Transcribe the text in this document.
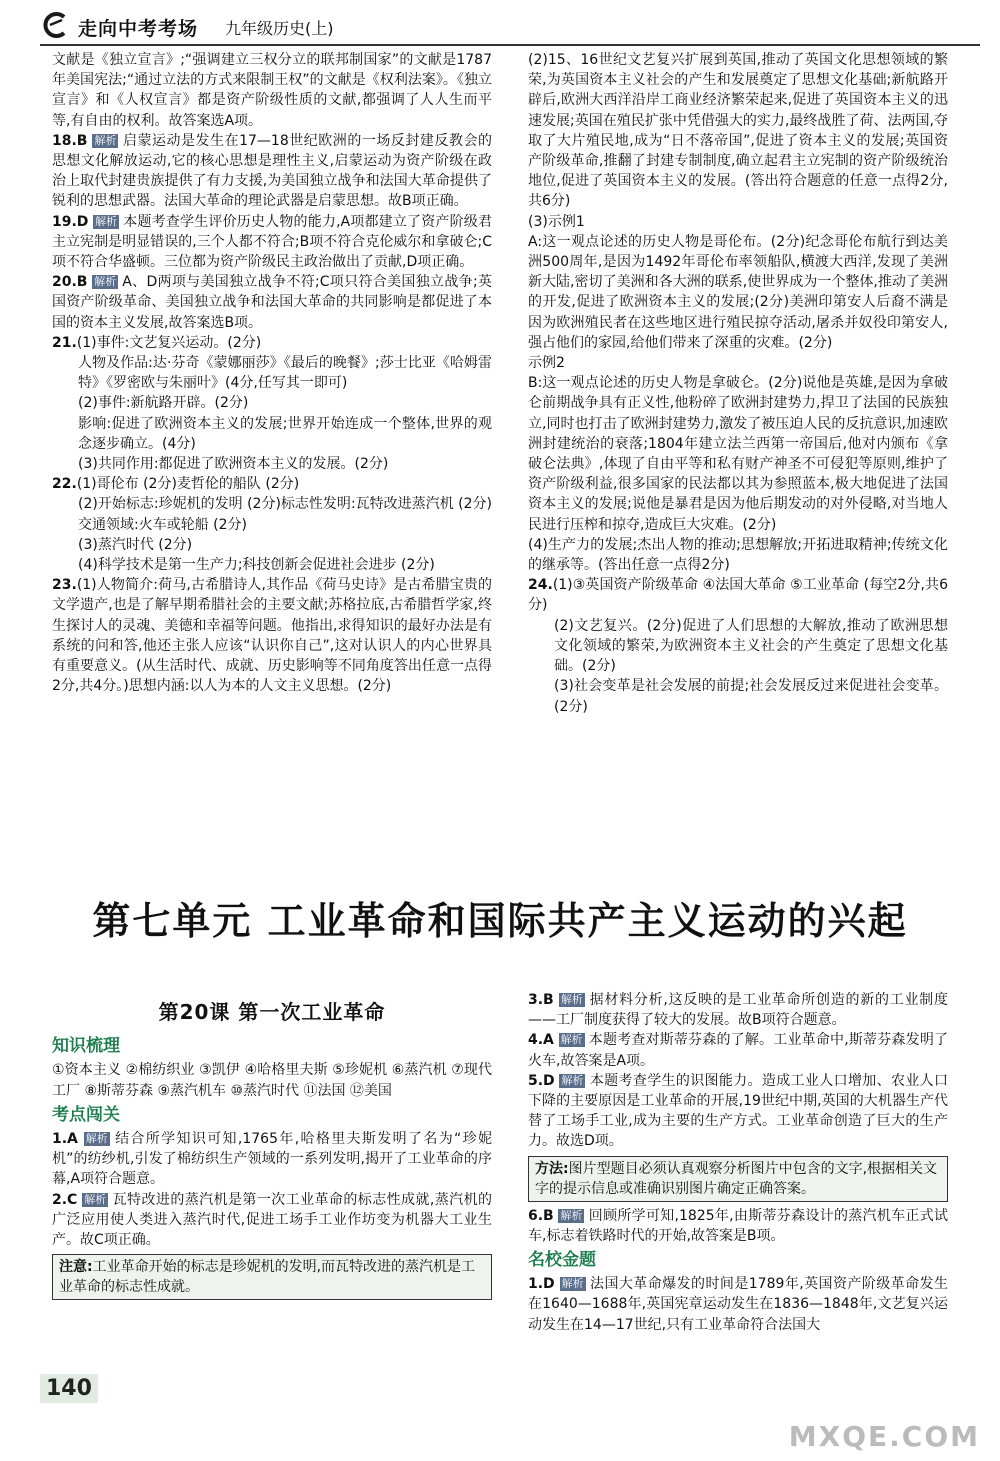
走向中考考场 九年级历史(上)

文献是《独立宣言》;“强调建立三权分立的联邦制国家”的文献是1787年美国宪法;“通过立法的方式来限制王权”的文献是《权利法案》。《独立宣言》和《人权宣言》都是资产阶级性质的文献,都强调了人人生而平等,有自由的权利。故答案选A项。

18.B 解析 启蒙运动是发生在17—18世纪欧洲的一场反封建反教会的思想文化解放运动,它的核心思想是理性主义,启蒙运动为资产阶级在政治上取代封建贵族提供了有力支援,为美国独立战争和法国大革命提供了锐利的思想武器。法国大革命的理论武器是启蒙思想。故B项正确。

19.D 解析 本题考查学生评价历史人物的能力,A项都建立了资产阶级君主立宪制是明显错误的,三个人都不符合;B项不符合克伦威尔和拿破仑;C项不符合华盛顿。三位都为资产阶级民主政治做出了贡献,D项正确。

20.B 解析 A、D两项与美国独立战争不符;C项只符合美国独立战争;英国资产阶级革命、美国独立战争和法国大革命的共同影响是都促进了本国的资本主义发展,故答案选B项。

21.(1)事件:文艺复兴运动。(2分)

人物及作品:达·芬奇《蒙娜丽莎》《最后的晚餐》;莎士比亚《哈姆雷特》《罗密欧与朱丽叶》(4分,任写其一即可)

(2)事件:新航路开辟。(2分)

影响:促进了欧洲资本主义的发展;世界开始连成一个整体,世界的观念逐步确立。(4分)

(3)共同作用:都促进了欧洲资本主义的发展。(2分)

22.(1)哥伦布 (2分)麦哲伦的船队 (2分)

(2)开始标志:珍妮机的发明 (2分)标志性发明:瓦特改进蒸汽机 (2分)交通领域:火车或轮船 (2分)

(3)蒸汽时代 (2分)

(4)科学技术是第一生产力;科技创新会促进社会进步 (2分)

23.(1)人物简介:荷马,古希腊诗人,其作品《荷马史诗》是古希腊宝贵的文学遗产,也是了解早期希腊社会的主要文献;苏格拉底,古希腊哲学家,终生探讨人的灵魂、美德和幸福等问题。他指出,求得知识的最好办法是有系统的问和答,他还主张人应该“认识你自己”,这对认识人的内心世界具有重要意义。(从生活时代、成就、历史影响等不同角度答出任意一点得2分,共4分。)思想内涵:以人为本的人文主义思想。(2分)

(2)15、16世纪文艺复兴扩展到英国,推动了英国文化思想领域的繁荣,为英国资本主义社会的产生和发展奠定了思想文化基础;新航路开辟后,欧洲大西洋沿岸工商业经济繁荣起来,促进了英国资本主义的迅速发展;英国在殖民扩张中凭借强大的实力,最终战胜了荷、法两国,夺取了大片殖民地,成为“日不落帝国”,促进了资本主义的发展;英国资产阶级革命,推翻了封建专制制度,确立起君主立宪制的资产阶级统治地位,促进了英国资本主义的发展。(答出符合题意的任意一点得2分,共6分)

(3)示例1

A:这一观点论述的历史人物是哥伦布。(2分)纪念哥伦布航行到达美洲500周年,是因为1492年哥伦布率领船队,横渡大西洋,发现了美洲新大陆,密切了美洲和各大洲的联系,使世界成为一个整体,推动了美洲的开发,促进了欧洲资本主义的发展;(2分)美洲印第安人后裔不满是因为欧洲殖民者在这些地区进行殖民掠夺活动,屠杀并奴役印第安人,强占他们的家园,给他们带来了深重的灾难。(2分)

示例2

B:这一观点论述的历史人物是拿破仑。(2分)说他是英雄,是因为拿破仑前期战争具有正义性,他粉碎了欧洲封建势力,捍卫了法国的民族独立,同时也打击了欧洲封建势力,激发了被压迫人民的反抗意识,加速欧洲封建统治的衰落;1804年建立法兰西第一帝国后,他对内颁布《拿破仑法典》,体现了自由平等和私有财产神圣不可侵犯等原则,维护了资产阶级利益,很多国家的民法都以其为参照蓝本,极大地促进了法国资本主义的发展;说他是暴君是因为他后期发动的对外侵略,对当地人民进行压榨和掠夺,造成巨大灾难。(2分)

(4)生产力的发展;杰出人物的推动;思想解放;开拓进取精神;传统文化的继承等。(答出任意一点得2分)

24.(1)③英国资产阶级革命 ④法国大革命 ⑤工业革命 (每空2分,共6分)

(2)文艺复兴。(2分)促进了人们思想的大解放,推动了欧洲思想文化领域的繁荣,为欧洲资本主义社会的产生奠定了思想文化基础。(2分)

(3)社会变革是社会发展的前提;社会发展反过来促进社会变革。(2分)

第七单元 工业革命和国际共产主义运动的兴起
第20课 第一次工业革命
知识梳理

①资本主义 ②棉纺织业 ③凯伊 ④哈格里夫斯 ⑤珍妮机 ⑥蒸汽机 ⑦现代工厂 ⑧斯蒂芬森 ⑨蒸汽机车 ⑩蒸汽时代 ⑪法国 ⑫美国

考点闯关

1.A 解析 结合所学知识可知,1765年,哈格里夫斯发明了名为“珍妮机”的纺纱机,引发了棉纺织生产领域的一系列发明,揭开了工业革命的序幕,A项符合题意。

2.C 解析 瓦特改进的蒸汽机是第一次工业革命的标志性成就,蒸汽机的广泛应用使人类进入蒸汽时代,促进工场手工业作坊变为机器大工业生产。故C项正确。

注意:工业革命开始的标志是珍妮机的发明,而瓦特改进的蒸汽机是工业革命的标志性成就。

3.B 解析 据材料分析,这反映的是工业革命所创造的新的工业制度——工厂制度获得了较大的发展。故B项符合题意。

4.A 解析 本题考查对斯蒂芬森的了解。工业革命中,斯蒂芬森发明了火车,故答案是A项。

5.D 解析 本题考查学生的识图能力。造成工业人口增加、农业人口下降的主要原因是工业革命的开展,19世纪中期,英国的大机器生产代替了工场手工业,成为主要的生产方式。工业革命创造了巨大的生产力。故选D项。

方法:图片型题目必须认真观察分析图片中包含的文字,根据相关文字的提示信息或准确识别图片确定正确答案。

6.B 解析 回顾所学可知,1825年,由斯蒂芬森设计的蒸汽机车正式试车,标志着铁路时代的开始,故答案是B项。

名校金题

1.D 解析 法国大革命爆发的时间是1789年,英国资产阶级革命发生在1640—1688年,英国宪章运动发生在1836—1848年,文艺复兴运动发生在14—17世纪,只有工业革命符合法国大

140
MXQE.COM
